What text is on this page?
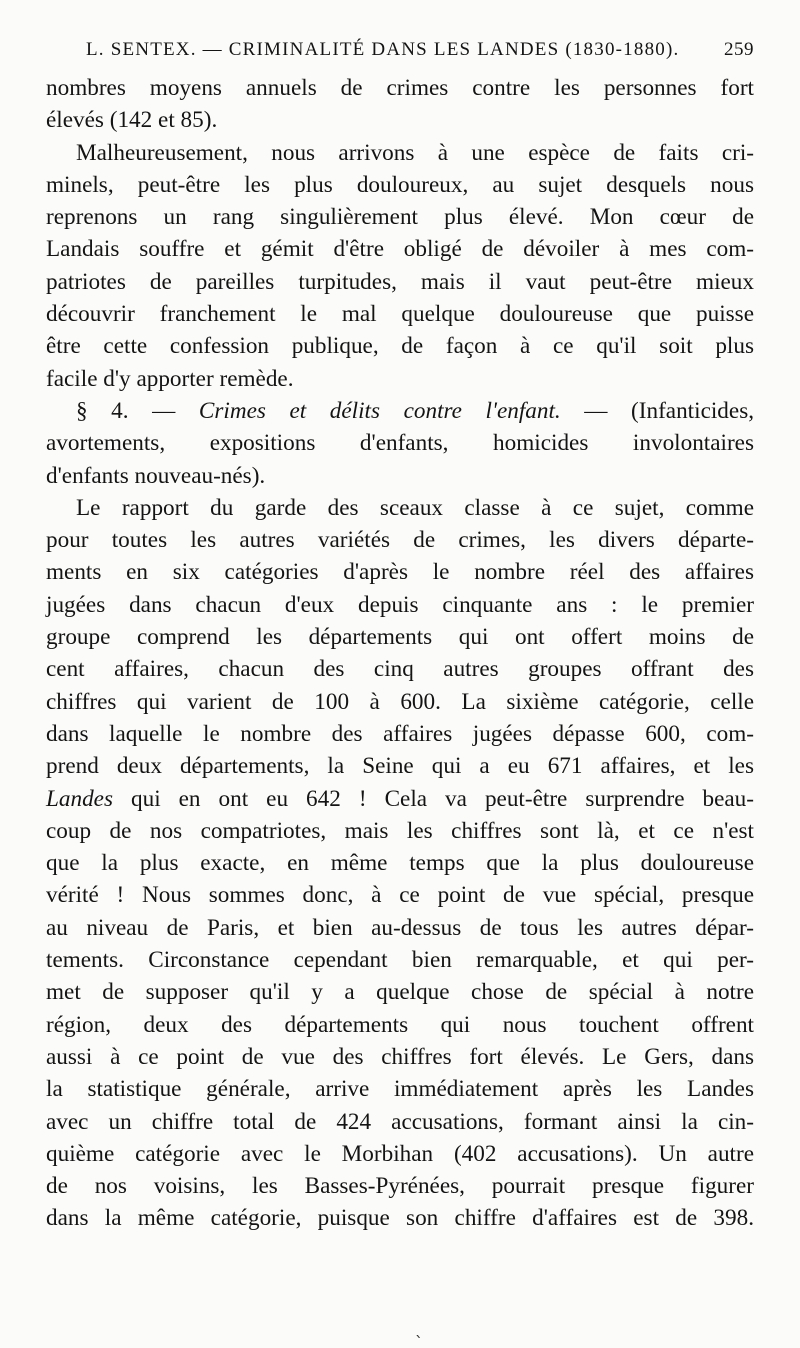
L. SENTEX. — CRIMINALITÉ DANS LES LANDES (1830-1880). 259
nombres moyens annuels de crimes contre les personnes fort
élevés (142 et 85).
Malheureusement, nous arrivons à une espèce de faits cri-
minels, peut-être les plus douloureux, au sujet desquels nous
reprenons un rang singulièrement plus élevé. Mon cœur de
Landais souffre et gémit d'être obligé de dévoiler à mes com-
patriotes de pareilles turpitudes, mais il vaut peut-être mieux
découvrir franchement le mal quelque douloureuse que puisse
être cette confession publique, de façon à ce qu'il soit plus
facile d'y apporter remède.
§ 4. — Crimes et délits contre l'enfant. — (Infanticides,
avortements, expositions d'enfants, homicides involontaires
d'enfants nouveau-nés).
Le rapport du garde des sceaux classe à ce sujet, comme
pour toutes les autres variétés de crimes, les divers départe-
ments en six catégories d'après le nombre réel des affaires
jugées dans chacun d'eux depuis cinquante ans : le premier
groupe comprend les départements qui ont offert moins de
cent affaires, chacun des cinq autres groupes offrant des
chiffres qui varient de 100 à 600. La sixième catégorie, celle
dans laquelle le nombre des affaires jugées dépasse 600, com-
prend deux départements, la Seine qui a eu 671 affaires, et les
Landes qui en ont eu 642 ! Cela va peut-être surprendre beau-
coup de nos compatriotes, mais les chiffres sont là, et ce n'est
que la plus exacte, en même temps que la plus douloureuse
vérité ! Nous sommes donc, à ce point de vue spécial, presque
au niveau de Paris, et bien au-dessus de tous les autres dépar-
tements. Circonstance cependant bien remarquable, et qui per-
met de supposer qu'il y a quelque chose de spécial à notre
région, deux des départements qui nous touchent offrent
aussi à ce point de vue des chiffres fort élevés. Le Gers, dans
la statistique générale, arrive immédiatement après les Landes
avec un chiffre total de 424 accusations, formant ainsi la cin-
quième catégorie avec le Morbihan (402 accusations). Un autre
de nos voisins, les Basses-Pyrénées, pourrait presque figurer
dans la même catégorie, puisque son chiffre d'affaires est de 398.
ˎ
